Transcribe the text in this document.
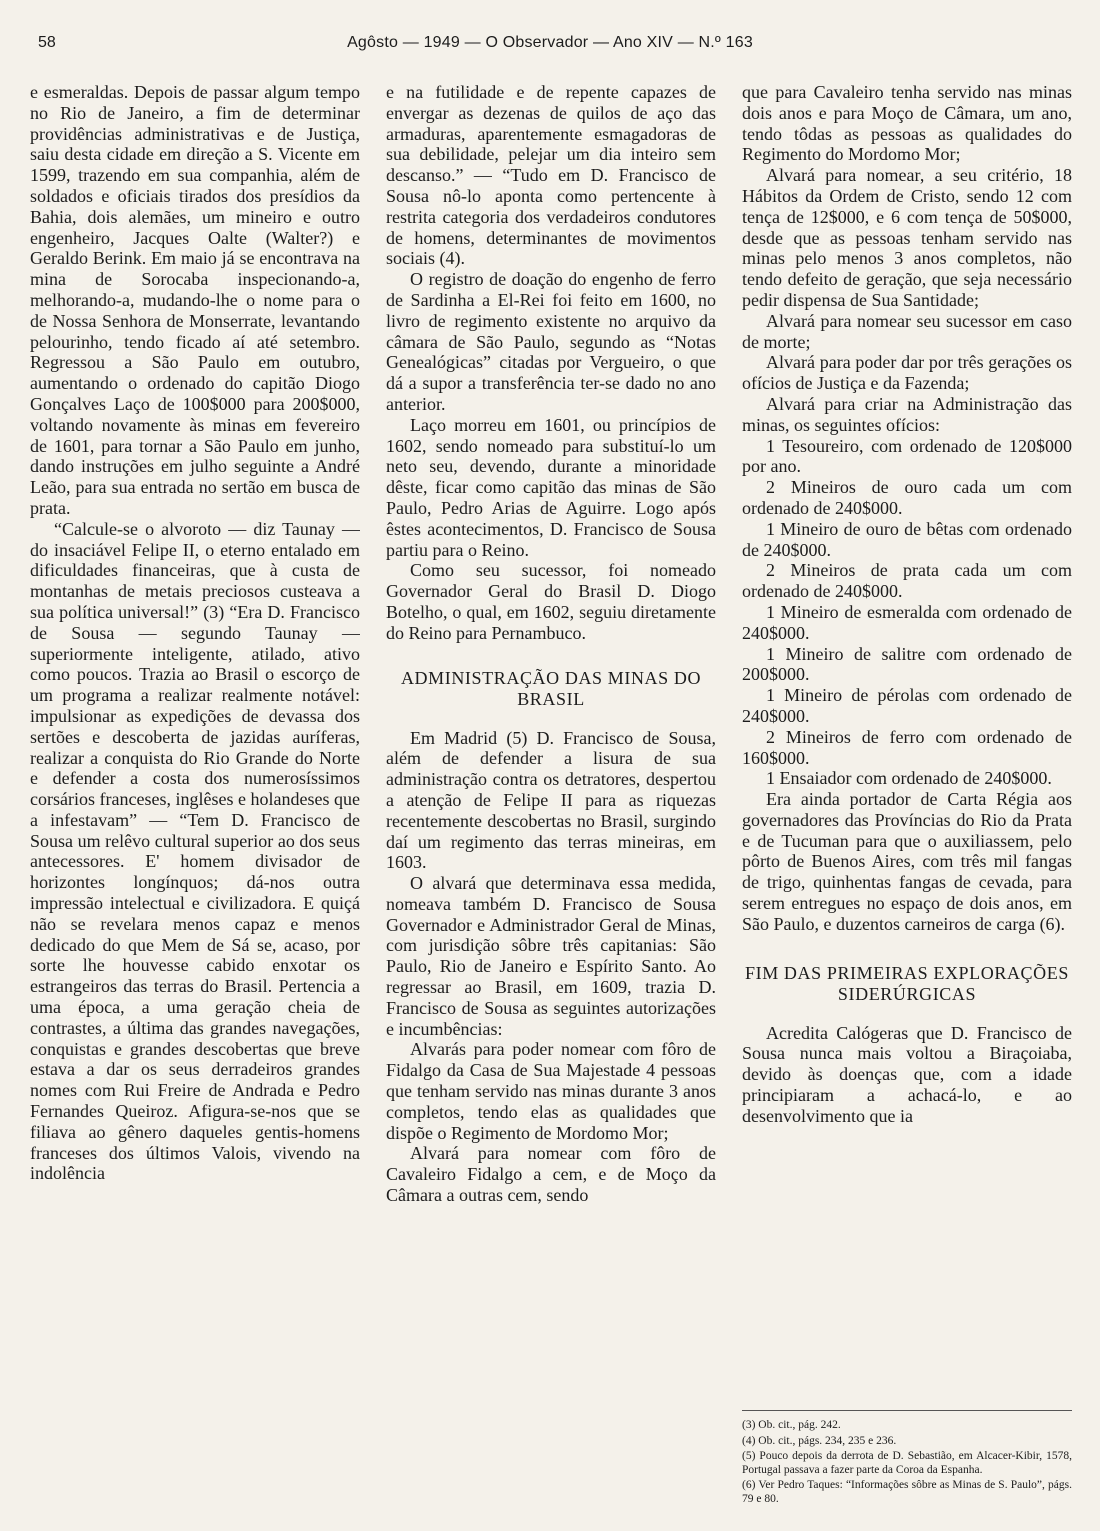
58	Agôsto — 1949 — O Observador — Ano XIV — N.º 163

e esmeraldas. Depois de passar algum tempo no Rio de Janeiro, a fim de determinar providências administrativas e de Justiça, saiu desta cidade em direção a S. Vicente em 1599, trazendo em sua companhia, além de soldados e oficiais tirados dos presídios da Bahia, dois alemães, um mineiro e outro engenheiro, Jacques Oalte (Walter?) e Geraldo Berink. Em maio já se encontrava na mina de Sorocaba inspecionando-a, melhorando-a, mudando-lhe o nome para o de Nossa Senhora de Monserrate, levantando pelourinho, tendo ficado aí até setembro. Regressou a São Paulo em outubro, aumentando o ordenado do capitão Diogo Gonçalves Laço de 100$000 para 200$000, voltando novamente às minas em fevereiro de 1601, para tornar a São Paulo em junho, dando instruções em julho seguinte a André Leão, para sua entrada no sertão em busca de prata.

“Calcule-se o alvoroto — diz Taunay — do insaciável Felipe II, o eterno entalado em dificuldades financeiras, que à custa de montanhas de metais preciosos custeava a sua política universal!” (3) “Era D. Francisco de Sousa — segundo Taunay — superiormente inteligente, atilado, ativo como poucos. Trazia ao Brasil o escorço de um programa a realizar realmente notável: impulsionar as expedições de devassa dos sertões e descoberta de jazidas auríferas, realizar a conquista do Rio Grande do Norte e defender a costa dos numerosíssimos corsários franceses, inglêses e holandeses que a infestavam” — “Tem D. Francisco de Sousa um relêvo cultural superior ao dos seus antecessores. E' homem divisador de horizontes longínquos; dá-nos outra impressão intelectual e civilizadora. E quiçá não se revelara menos capaz e menos dedicado do que Mem de Sá se, acaso, por sorte lhe houvesse cabido enxotar os estrangeiros das terras do Brasil. Pertencia a uma época, a uma geração cheia de contrastes, a última das grandes navegações, conquistas e grandes descobertas que breve estava a dar os seus derradeiros grandes nomes com Rui Freire de Andrada e Pedro Fernandes Queiroz. Afigura-se-nos que se filiava ao gênero daqueles gentis-homens franceses dos últimos Valois, vivendo na indolência

e na futilidade e de repente capazes de envergar as dezenas de quilos de aço das armaduras, aparentemente esmagadoras de sua debilidade, pelejar um dia inteiro sem descanso.” — “Tudo em D. Francisco de Sousa nô-lo aponta como pertencente à restrita categoria dos verdadeiros condutores de homens, determinantes de movimentos sociais (4).

O registro de doação do engenho de ferro de Sardinha a El-Rei foi feito em 1600, no livro de regimento existente no arquivo da câmara de São Paulo, segundo as “Notas Genealógicas” citadas por Vergueiro, o que dá a supor a transferência ter-se dado no ano anterior.

Laço morreu em 1601, ou princípios de 1602, sendo nomeado para substituí-lo um neto seu, devendo, durante a minoridade dêste, ficar como capitão das minas de São Paulo, Pedro Arias de Aguirre. Logo após êstes acontecimentos, D. Francisco de Sousa partiu para o Reino.

Como seu sucessor, foi nomeado Governador Geral do Brasil D. Diogo Botelho, o qual, em 1602, seguiu diretamente do Reino para Pernambuco.

ADMINISTRAÇÃO DAS MINAS DO BRASIL

Em Madrid (5) D. Francisco de Sousa, além de defender a lisura de sua administração contra os detratores, despertou a atenção de Felipe II para as riquezas recentemente descobertas no Brasil, surgindo daí um regimento das terras mineiras, em 1603.

O alvará que determinava essa medida, nomeava também D. Francisco de Sousa Governador e Administrador Geral de Minas, com jurisdição sôbre três capitanias: São Paulo, Rio de Janeiro e Espírito Santo. Ao regressar ao Brasil, em 1609, trazia D. Francisco de Sousa as seguintes autorizações e incumbências:

Alvarás para poder nomear com fôro de Fidalgo da Casa de Sua Majestade 4 pessoas que tenham servido nas minas durante 3 anos completos, tendo elas as qualidades que dispõe o Regimento de Mordomo Mor;

Alvará para nomear com fôro de Cavaleiro Fidalgo a cem, e de Moço da Câmara a outras cem, sendo

que para Cavaleiro tenha servido nas minas dois anos e para Moço de Câmara, um ano, tendo tôdas as pessoas as qualidades do Regimento do Mordomo Mor;

Alvará para nomear, a seu critério, 18 Hábitos da Ordem de Cristo, sendo 12 com tença de 12$000, e 6 com tença de 50$000, desde que as pessoas tenham servido nas minas pelo menos 3 anos completos, não tendo defeito de geração, que seja necessário pedir dispensa de Sua Santidade;

Alvará para nomear seu sucessor em caso de morte;

Alvará para poder dar por três gerações os ofícios de Justiça e da Fazenda;

Alvará para criar na Administração das minas, os seguintes ofícios:

1 Tesoureiro, com ordenado de 120$000 por ano.

2 Mineiros de ouro cada um com ordenado de 240$000.

1 Mineiro de ouro de bêtas com ordenado de 240$000.

2 Mineiros de prata cada um com ordenado de 240$000.

1 Mineiro de esmeralda com ordenado de 240$000.

1 Mineiro de salitre com ordenado de 200$000.

1 Mineiro de pérolas com ordenado de 240$000.

2 Mineiros de ferro com ordenado de 160$000.

1 Ensaiador com ordenado de 240$000.

Era ainda portador de Carta Régia aos governadores das Províncias do Rio da Prata e de Tucuman para que o auxiliassem, pelo pôrto de Buenos Aires, com três mil fangas de trigo, quinhentas fangas de cevada, para serem entregues no espaço de dois anos, em São Paulo, e duzentos carneiros de carga (6).

FIM DAS PRIMEIRAS EXPLORAÇÕES SIDERÚRGICAS

Acredita Calógeras que D. Francisco de Sousa nunca mais voltou a Biraçoiaba, devido às doenças que, com a idade principiaram a achacá-lo, e ao desenvolvimento que ia

(3) Ob. cit., pág. 242.

(4) Ob. cit., págs. 234, 235 e 236.

(5) Pouco depois da derrota de D. Sebastião, em Alcacer-Kibir, 1578, Portugal passava a fazer parte da Coroa da Espanha.

(6) Ver Pedro Taques: “Informações sôbre as Minas de S. Paulo”, págs. 79 e 80.
